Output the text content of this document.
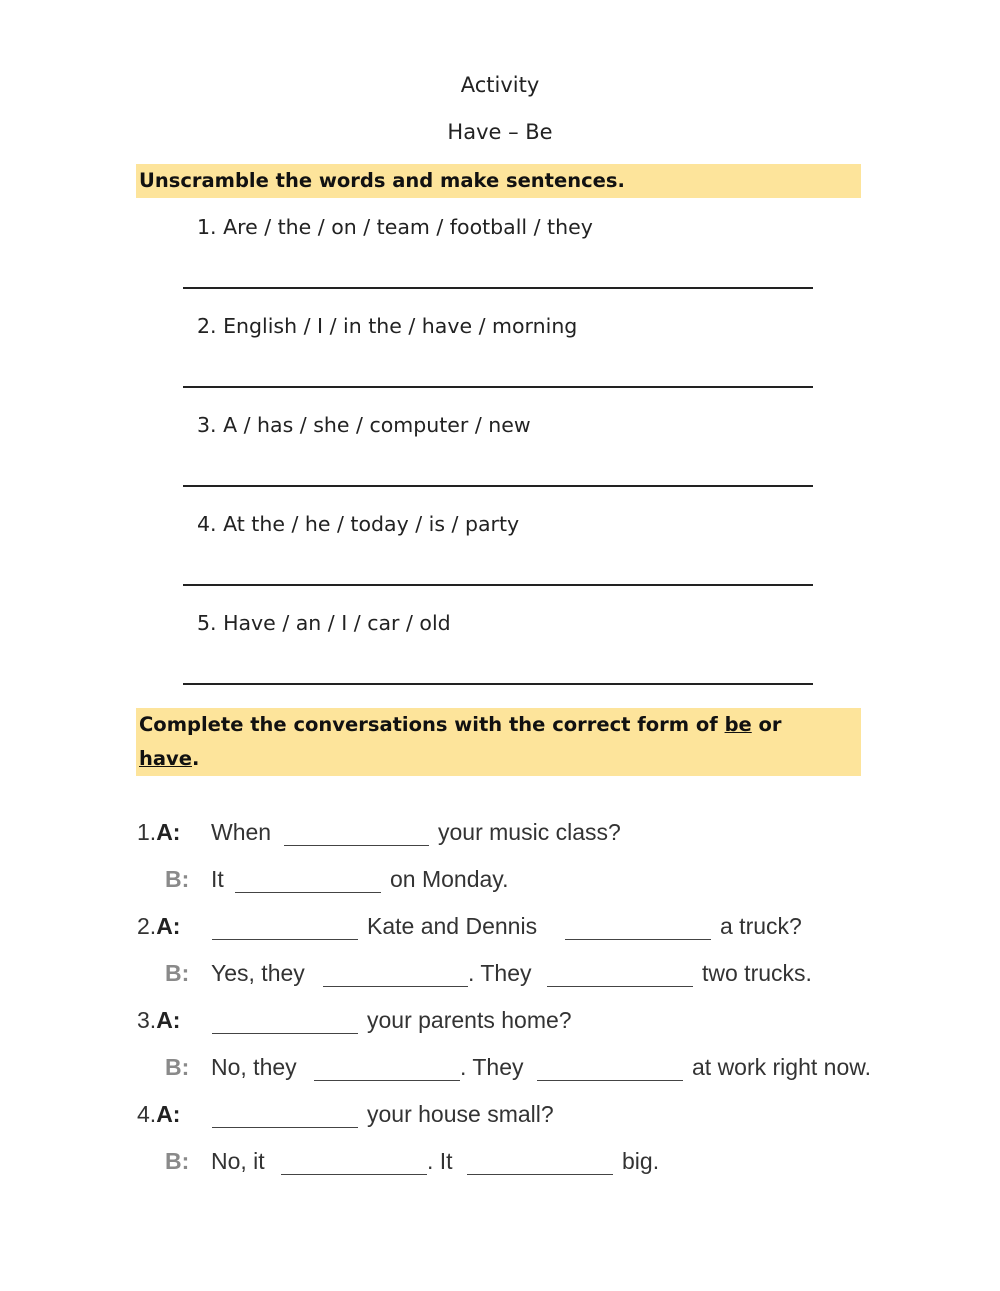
Activity
Have – Be
Unscramble the words and make sentences.
1. Are / the / on / team / football / they
2. English / I / in the / have / morning
3. A / has / she / computer / new
4. At the / he / today / is / party
5. Have / an / I / car / old
Complete the conversations with the correct form of be or
have.
1.A:	When	your music class?
B: It	on Monday.
2.A:	Kate and Dennis	a truck?
B: Yes, they	. They	two trucks.
3.A:	your parents home?
B: No, they	. They	at work right now.
4.A:	your house small?
B: No, it	. It	big.
